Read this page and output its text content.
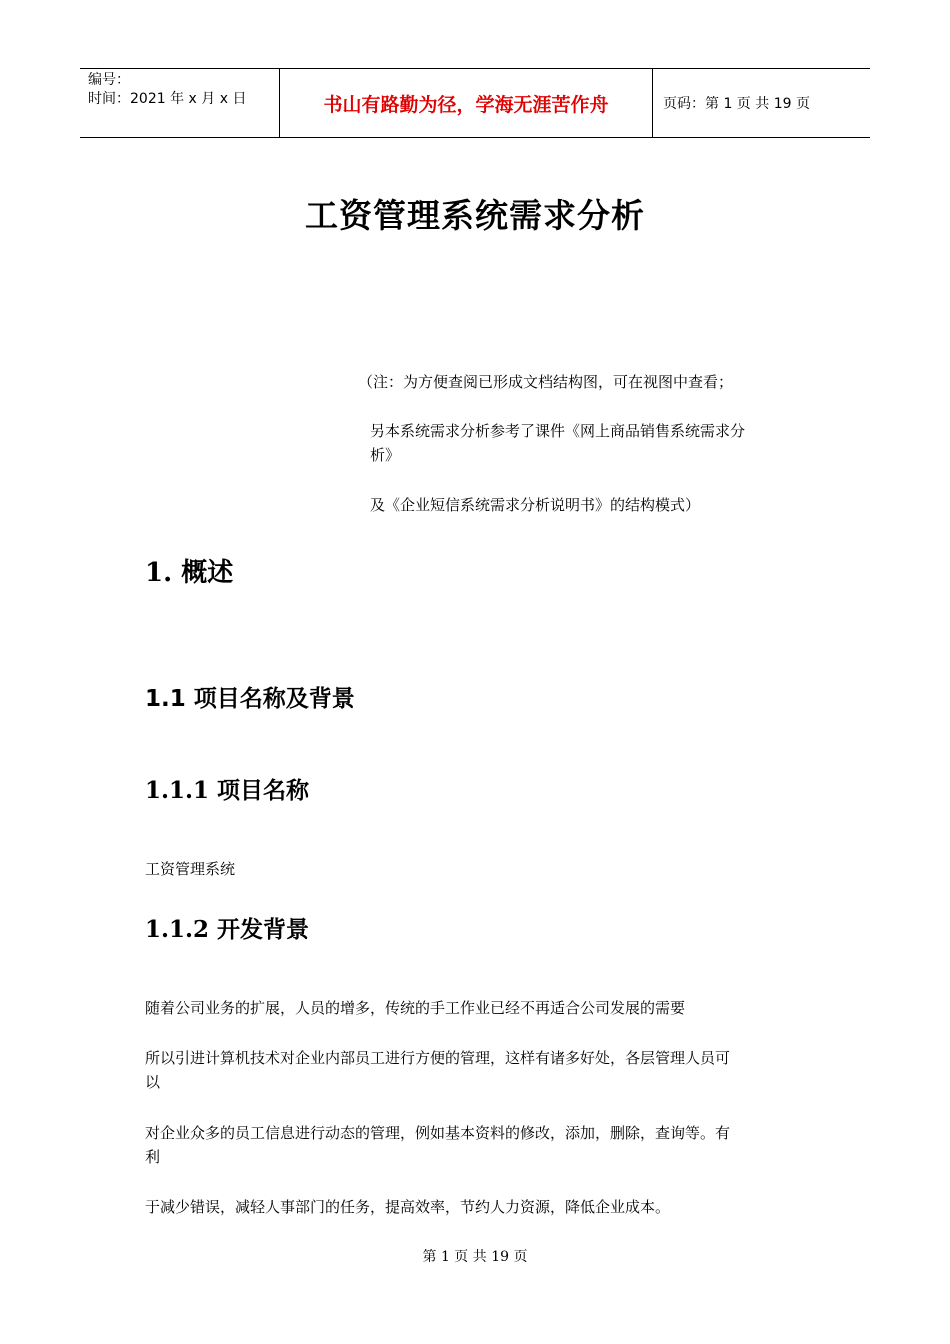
编号：
时间：2021 年 x 月 x 日	书山有路勤为径，学海无涯苦作舟	页码：第 1 页 共 19 页
工资管理系统需求分析
（注：为方便查阅已形成文档结构图，可在视图中查看；
另本系统需求分析参考了课件《网上商品销售系统需求分
析》
及《企业短信系统需求分析说明书》的结构模式）
1. 概述
1.1 项目名称及背景
1.1.1 项目名称
工资管理系统
1.1.2 开发背景
随着公司业务的扩展，人员的增多，传统的手工作业已经不再适合公司发展的需要
所以引进计算机技术对企业内部员工进行方便的管理，这样有诸多好处，各层管理人员可
以
对企业众多的员工信息进行动态的管理，例如基本资料的修改，添加，删除，查询等。有
利
于减少错误，减轻人事部门的任务，提高效率，节约人力资源，降低企业成本。
第 1 页 共 19 页
